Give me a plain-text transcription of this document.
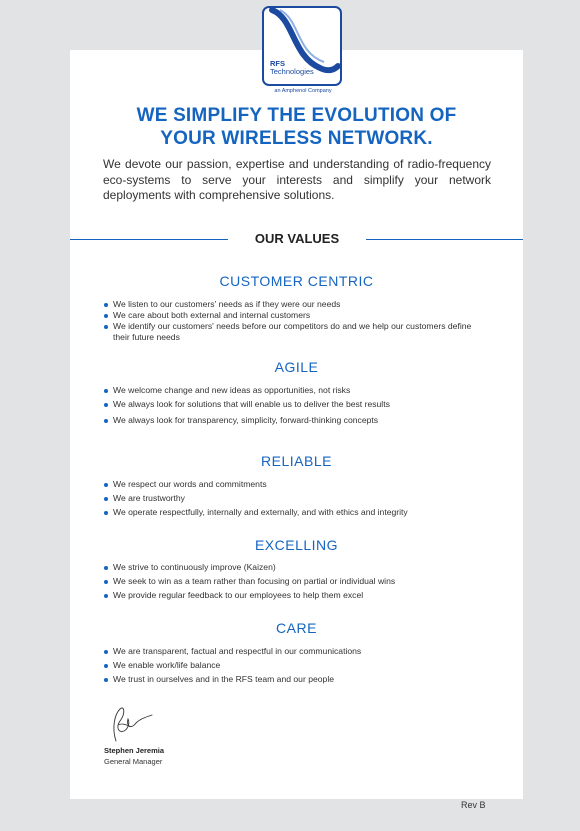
RFS
Technologies
an Amphenol Company
WE SIMPLIFY THE EVOLUTION OF
YOUR WIRELESS NETWORK.
We devote our passion, expertise and understanding of radio-frequency eco-systems to serve your interests and simplify your network deployments with comprehensive solutions.
OUR VALUES
CUSTOMER CENTRIC
We listen to our customers' needs as if they were our needs
We care about both external and internal customers
We identify our customers' needs before our competitors do and we help our customers define their future needs
AGILE
We welcome change and new ideas as opportunities, not risks
We always look for solutions that will enable us to deliver the best results
We always look for transparency, simplicity, forward-thinking concepts
RELIABLE
We respect our words and commitments
We are trustworthy
We operate respectfully, internally and externally, and with ethics and integrity
EXCELLING
We strive to continuously improve (Kaizen)
We seek to win as a team rather than focusing on partial or individual wins
We provide regular feedback to our employees to help them excel
CARE
We are transparent, factual and respectful in our communications
We enable work/life balance
We trust in ourselves and in the RFS team and our people
Stephen Jeremia
General Manager
Rev B
